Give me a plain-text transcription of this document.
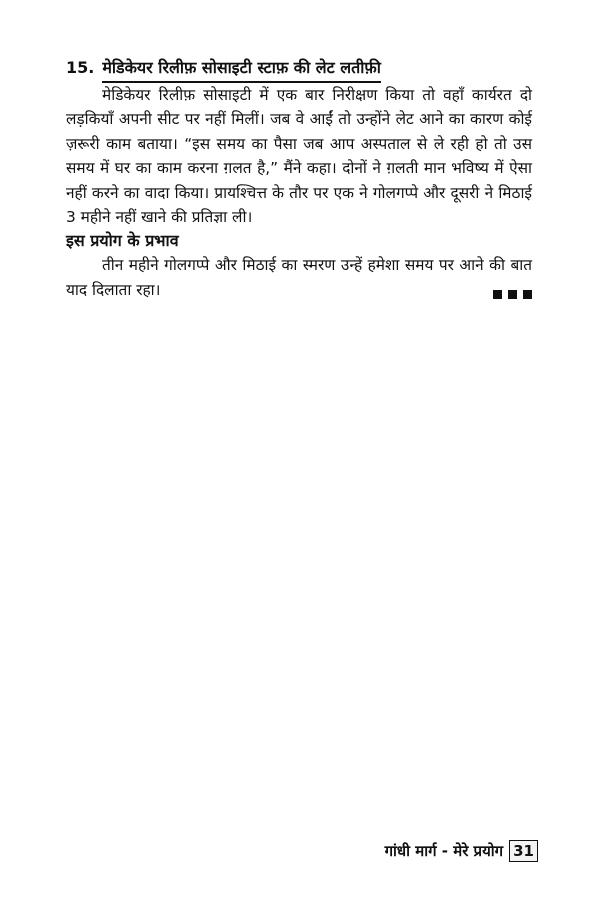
15. मेडिकेयर रिलीफ़ सोसाइटी स्टाफ़ की लेट लतीफ़ी

मेडिकेयर रिलीफ़ सोसाइटी में एक बार निरीक्षण किया तो वहाँ कार्यरत दो लड़कियाँ अपनी सीट पर नहीं मिलीं। जब वे आईं तो उन्होंने लेट आने का कारण कोई ज़रूरी काम बताया। “इस समय का पैसा जब आप अस्पताल से ले रही हो तो उस समय में घर का काम करना ग़लत है,” मैंने कहा। दोनों ने ग़लती मान भविष्य में ऐसा नहीं करने का वादा किया। प्रायश्चित्त के तौर पर एक ने गोलगप्पे और दूसरी ने मिठाई 3 महीने नहीं खाने की प्रतिज्ञा ली।

इस प्रयोग के प्रभाव

तीन महीने गोलगप्पे और मिठाई का स्मरण उन्हें हमेशा समय पर आने की बात याद दिलाता रहा।

गांधी मार्ग - मेरे प्रयोग 31
